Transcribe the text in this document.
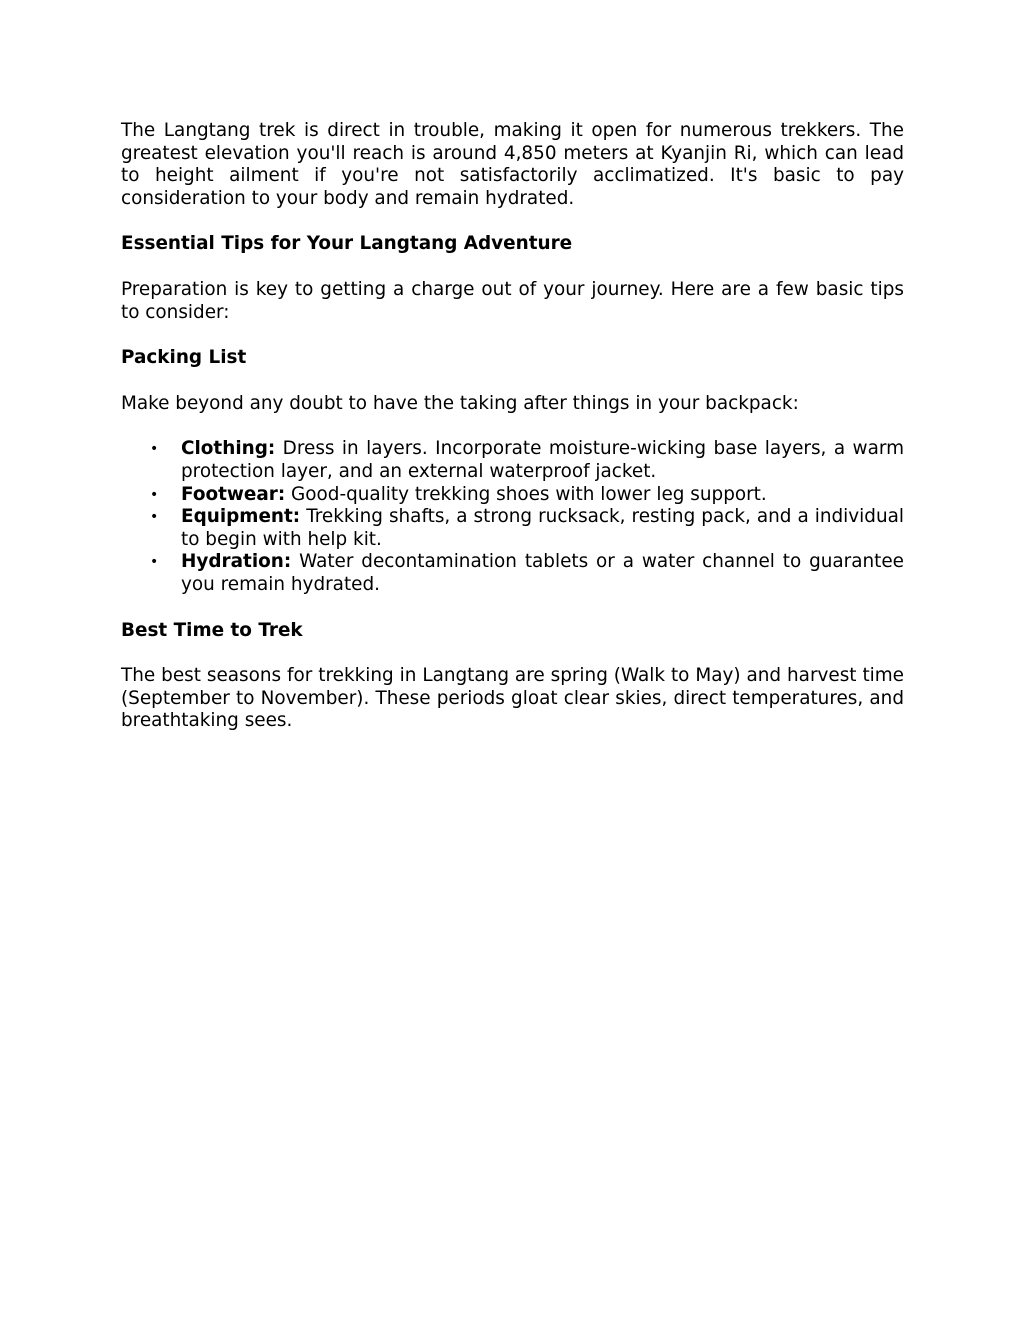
The Langtang trek is direct in trouble, making it open for numerous trekkers. The greatest elevation you'll reach is around 4,850 meters at Kyanjin Ri, which can lead to height ailment if you're not satisfactorily acclimatized. It's basic to pay consideration to your body and remain hydrated.

Essential Tips for Your Langtang Adventure

Preparation is key to getting a charge out of your journey. Here are a few basic tips to consider:

Packing List

Make beyond any doubt to have the taking after things in your backpack:

• Clothing: Dress in layers. Incorporate moisture-wicking base layers, a warm protection layer, and an external waterproof jacket.
• Footwear: Good-quality trekking shoes with lower leg support.
• Equipment: Trekking shafts, a strong rucksack, resting pack, and a individual to begin with help kit.
• Hydration: Water decontamination tablets or a water channel to guarantee you remain hydrated.
Best Time to Trek

The best seasons for trekking in Langtang are spring (Walk to May) and harvest time (September to November). These periods gloat clear skies, direct temperatures, and breathtaking sees.
